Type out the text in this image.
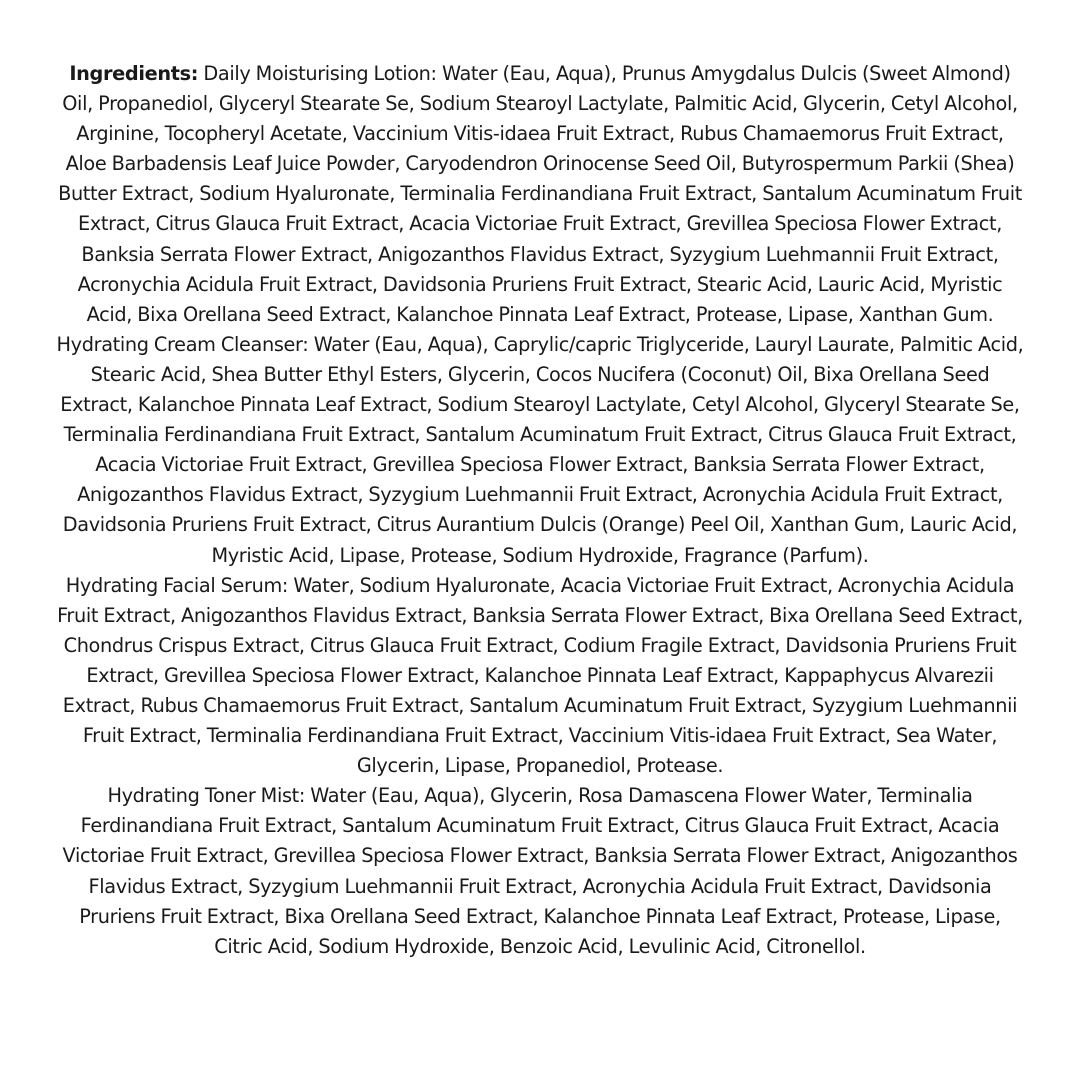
Ingredients: Daily Moisturising Lotion: Water (Eau, Aqua), Prunus Amygdalus Dulcis (Sweet Almond) Oil, Propanediol, Glyceryl Stearate Se, Sodium Stearoyl Lactylate, Palmitic Acid, Glycerin, Cetyl Alcohol, Arginine, Tocopheryl Acetate, Vaccinium Vitis-idaea Fruit Extract, Rubus Chamaemorus Fruit Extract, Aloe Barbadensis Leaf Juice Powder, Caryodendron Orinocense Seed Oil, Butyrospermum Parkii (Shea) Butter Extract, Sodium Hyaluronate, Terminalia Ferdinandiana Fruit Extract, Santalum Acuminatum Fruit Extract, Citrus Glauca Fruit Extract, Acacia Victoriae Fruit Extract, Grevillea Speciosa Flower Extract, Banksia Serrata Flower Extract, Anigozanthos Flavidus Extract, Syzygium Luehmannii Fruit Extract, Acronychia Acidula Fruit Extract, Davidsonia Pruriens Fruit Extract, Stearic Acid, Lauric Acid, Myristic Acid, Bixa Orellana Seed Extract, Kalanchoe Pinnata Leaf Extract, Protease, Lipase, Xanthan Gum.

Hydrating Cream Cleanser: Water (Eau, Aqua), Caprylic/capric Triglyceride, Lauryl Laurate, Palmitic Acid, Stearic Acid, Shea Butter Ethyl Esters, Glycerin, Cocos Nucifera (Coconut) Oil, Bixa Orellana Seed Extract, Kalanchoe Pinnata Leaf Extract, Sodium Stearoyl Lactylate, Cetyl Alcohol, Glyceryl Stearate Se, Terminalia Ferdinandiana Fruit Extract, Santalum Acuminatum Fruit Extract, Citrus Glauca Fruit Extract, Acacia Victoriae Fruit Extract, Grevillea Speciosa Flower Extract, Banksia Serrata Flower Extract, Anigozanthos Flavidus Extract, Syzygium Luehmannii Fruit Extract, Acronychia Acidula Fruit Extract, Davidsonia Pruriens Fruit Extract, Citrus Aurantium Dulcis (Orange) Peel Oil, Xanthan Gum, Lauric Acid, Myristic Acid, Lipase, Protease, Sodium Hydroxide, Fragrance (Parfum).

Hydrating Facial Serum: Water, Sodium Hyaluronate, Acacia Victoriae Fruit Extract, Acronychia Acidula Fruit Extract, Anigozanthos Flavidus Extract, Banksia Serrata Flower Extract, Bixa Orellana Seed Extract, Chondrus Crispus Extract, Citrus Glauca Fruit Extract, Codium Fragile Extract, Davidsonia Pruriens Fruit Extract, Grevillea Speciosa Flower Extract, Kalanchoe Pinnata Leaf Extract, Kappaphycus Alvarezii Extract, Rubus Chamaemorus Fruit Extract, Santalum Acuminatum Fruit Extract, Syzygium Luehmannii Fruit Extract, Terminalia Ferdinandiana Fruit Extract, Vaccinium Vitis-idaea Fruit Extract, Sea Water, Glycerin, Lipase, Propanediol, Protease.

Hydrating Toner Mist: Water (Eau, Aqua), Glycerin, Rosa Damascena Flower Water, Terminalia Ferdinandiana Fruit Extract, Santalum Acuminatum Fruit Extract, Citrus Glauca Fruit Extract, Acacia Victoriae Fruit Extract, Grevillea Speciosa Flower Extract, Banksia Serrata Flower Extract, Anigozanthos Flavidus Extract, Syzygium Luehmannii Fruit Extract, Acronychia Acidula Fruit Extract, Davidsonia Pruriens Fruit Extract, Bixa Orellana Seed Extract, Kalanchoe Pinnata Leaf Extract, Protease, Lipase, Citric Acid, Sodium Hydroxide, Benzoic Acid, Levulinic Acid, Citronellol.
